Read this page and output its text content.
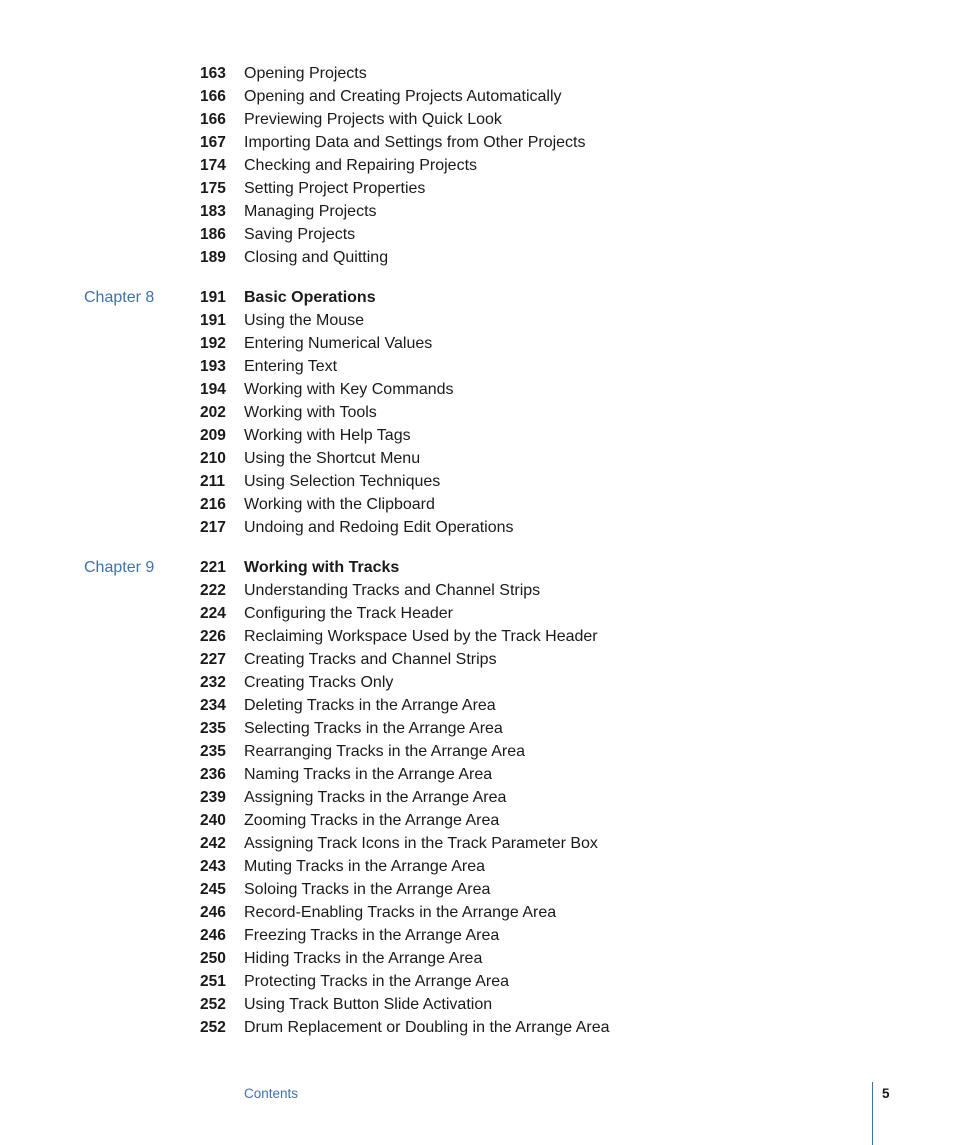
163	Opening Projects
166	Opening and Creating Projects Automatically
166	Previewing Projects with Quick Look
167	Importing Data and Settings from Other Projects
174	Checking and Repairing Projects
175	Setting Project Properties
183	Managing Projects
186	Saving Projects
189	Closing and Quitting
Chapter 8	191	Basic Operations
191	Using the Mouse
192	Entering Numerical Values
193	Entering Text
194	Working with Key Commands
202	Working with Tools
209	Working with Help Tags
210	Using the Shortcut Menu
211	Using Selection Techniques
216	Working with the Clipboard
217	Undoing and Redoing Edit Operations
Chapter 9	221	Working with Tracks
222	Understanding Tracks and Channel Strips
224	Configuring the Track Header
226	Reclaiming Workspace Used by the Track Header
227	Creating Tracks and Channel Strips
232	Creating Tracks Only
234	Deleting Tracks in the Arrange Area
235	Selecting Tracks in the Arrange Area
235	Rearranging Tracks in the Arrange Area
236	Naming Tracks in the Arrange Area
239	Assigning Tracks in the Arrange Area
240	Zooming Tracks in the Arrange Area
242	Assigning Track Icons in the Track Parameter Box
243	Muting Tracks in the Arrange Area
245	Soloing Tracks in the Arrange Area
246	Record-Enabling Tracks in the Arrange Area
246	Freezing Tracks in the Arrange Area
250	Hiding Tracks in the Arrange Area
251	Protecting Tracks in the Arrange Area
252	Using Track Button Slide Activation
252	Drum Replacement or Doubling in the Arrange Area
Contents	5
